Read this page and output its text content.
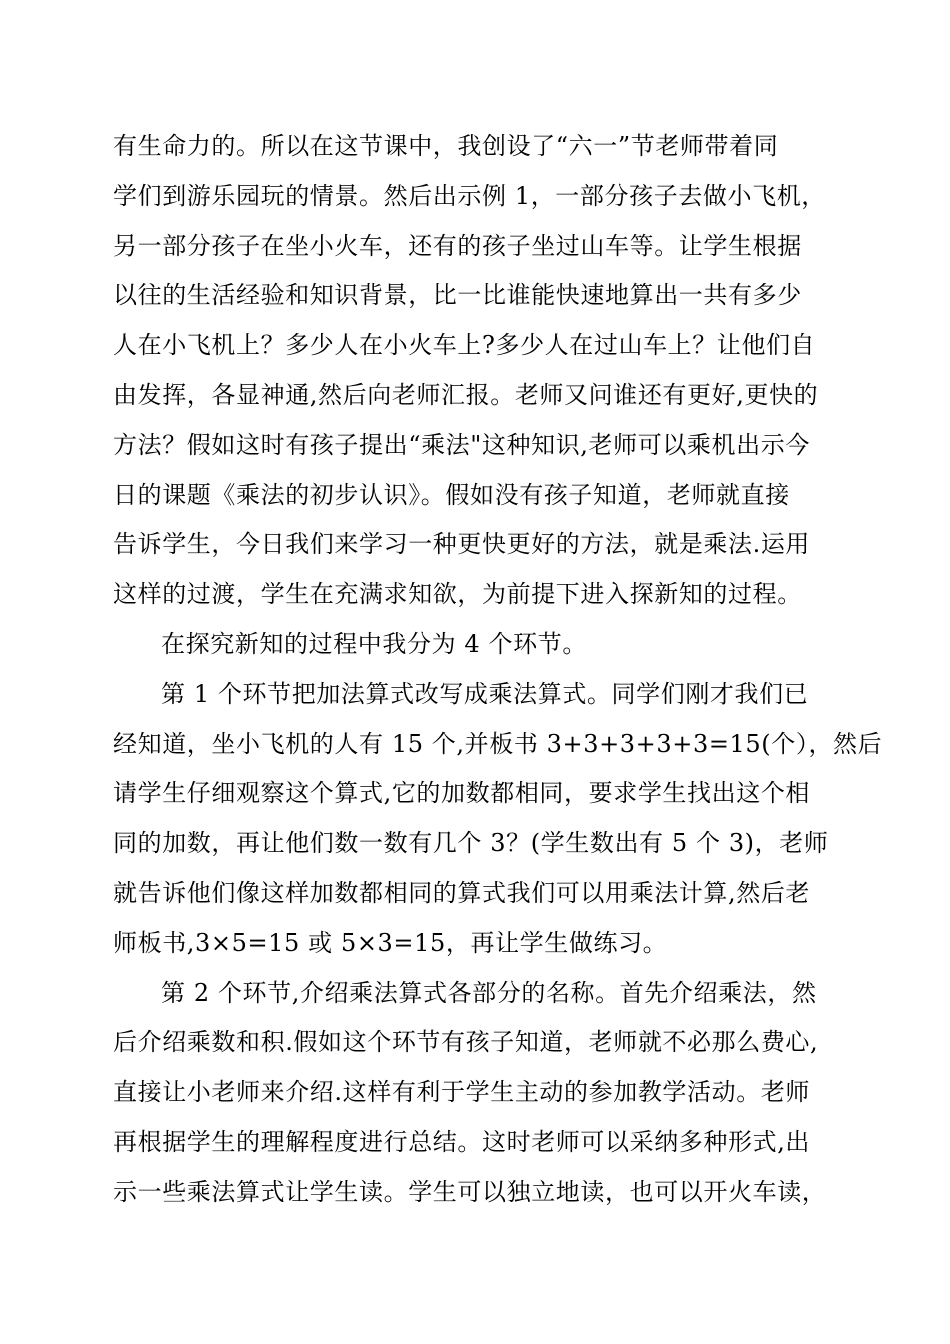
有生命力的。所以在这节课中，我创设了“六一”节老师带着同
学们到游乐园玩的情景。然后出示例 1，一部分孩子去做小飞机，
另一部分孩子在坐小火车，还有的孩子坐过山车等。让学生根据
以往的生活经验和知识背景，比一比谁能快速地算出一共有多少
人在小飞机上？多少人在小火车上?多少人在过山车上？让他们自
由发挥，各显神通,然后向老师汇报。老师又问谁还有更好,更快的
方法？假如这时有孩子提出“乘法"这种知识,老师可以乘机出示今
日的课题《乘法的初步认识》。假如没有孩子知道，老师就直接
告诉学生，今日我们来学习一种更快更好的方法，就是乘法.运用
这样的过渡，学生在充满求知欲，为前提下进入探新知的过程。
在探究新知的过程中我分为 4 个环节。
第 1 个环节把加法算式改写成乘法算式。同学们刚才我们已
经知道，坐小飞机的人有 15 个,并板书 3+3+3+3+3=15(个），然后
请学生仔细观察这个算式,它的加数都相同，要求学生找出这个相
同的加数，再让他们数一数有几个 3？(学生数出有 5 个 3)，老师
就告诉他们像这样加数都相同的算式我们可以用乘法计算,然后老
师板书,3×5=15 或 5×3=15，再让学生做练习。
第 2 个环节,介绍乘法算式各部分的名称。首先介绍乘法，然
后介绍乘数和积.假如这个环节有孩子知道，老师就不必那么费心,
直接让小老师来介绍.这样有利于学生主动的参加教学活动。老师
再根据学生的理解程度进行总结。这时老师可以采纳多种形式,出
示一些乘法算式让学生读。学生可以独立地读，也可以开火车读，
